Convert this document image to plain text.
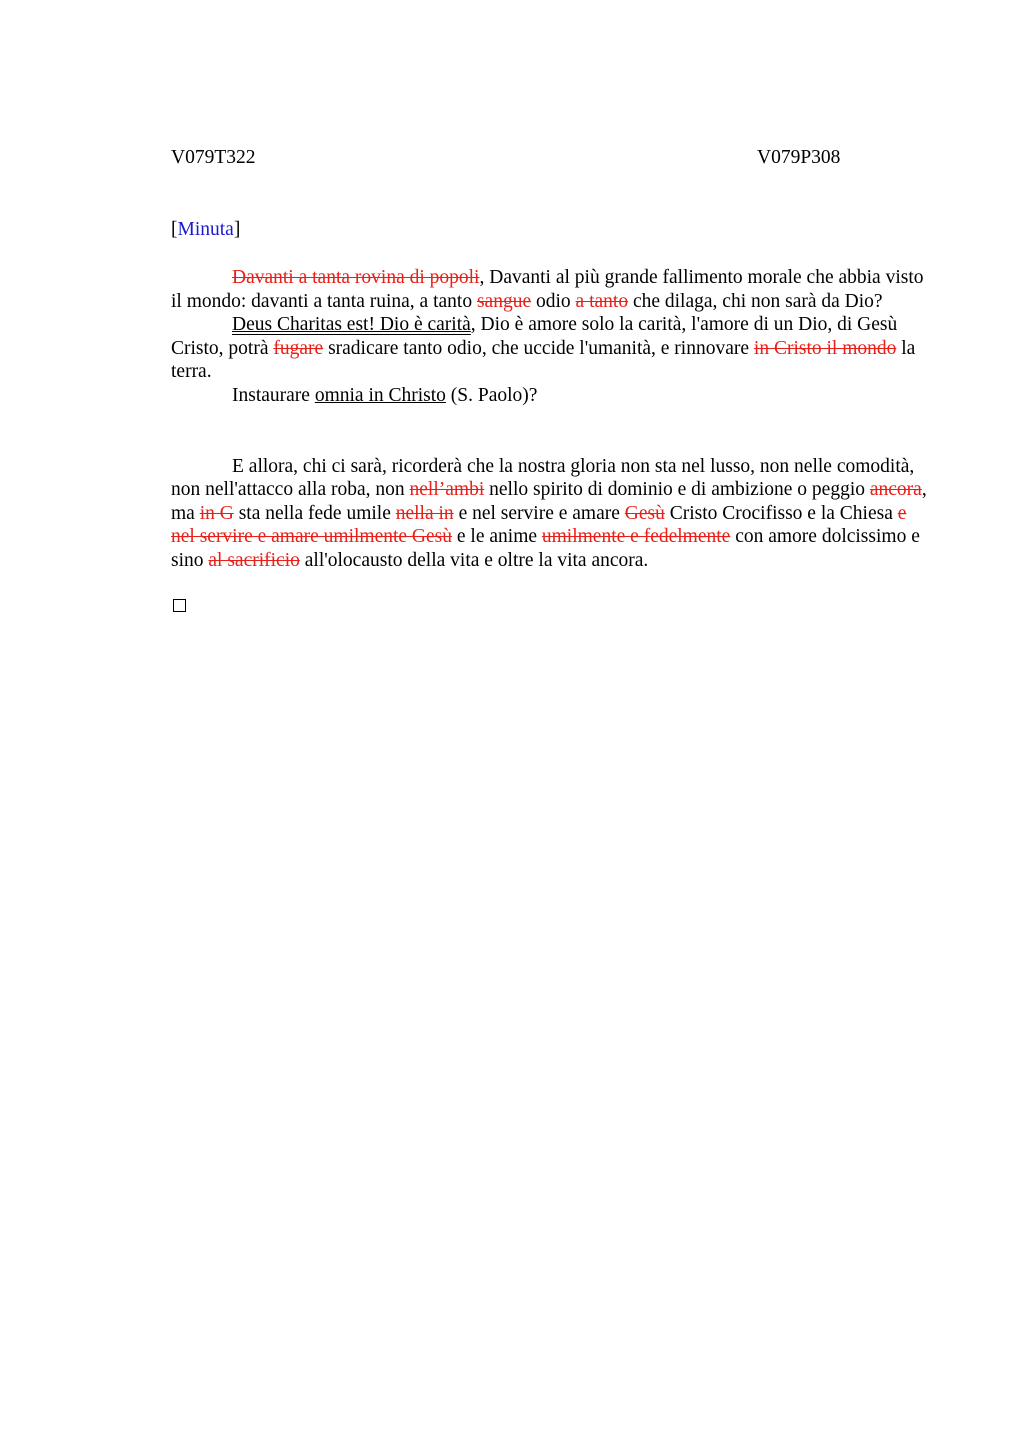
V079T322	V079P308
[Minuta]

Davanti a tanta rovina di popoli, Davanti al più grande fallimento morale che abbia visto il mondo: davanti a tanta ruina, a tanto sangue odio a tanto che dilaga, chi non sarà da Dio?

Deus Charitas est! Dio è carità, Dio è amore solo la carità, l'amore di un Dio, di Gesù Cristo, potrà fugare sradicare tanto odio, che uccide l'umanità, e rinnovare in Cristo il mondo la terra.

Instaurare omnia in Christo (S. Paolo)?

E allora, chi ci sarà, ricorderà che la nostra gloria non sta nel lusso, non nelle comodità, non nell'attacco alla roba, non nell’ambi nello spirito di dominio e di ambizione o peggio ancora, ma in G sta nella fede umile nella in e nel servire e amare Gesù Cristo Crocifisso e la Chiesa e nel servire e amare umilmente Gesù e le anime umilmente e fedelmente con amore dolcissimo e sino al sacrificio all'olocausto della vita e oltre la vita ancora.
